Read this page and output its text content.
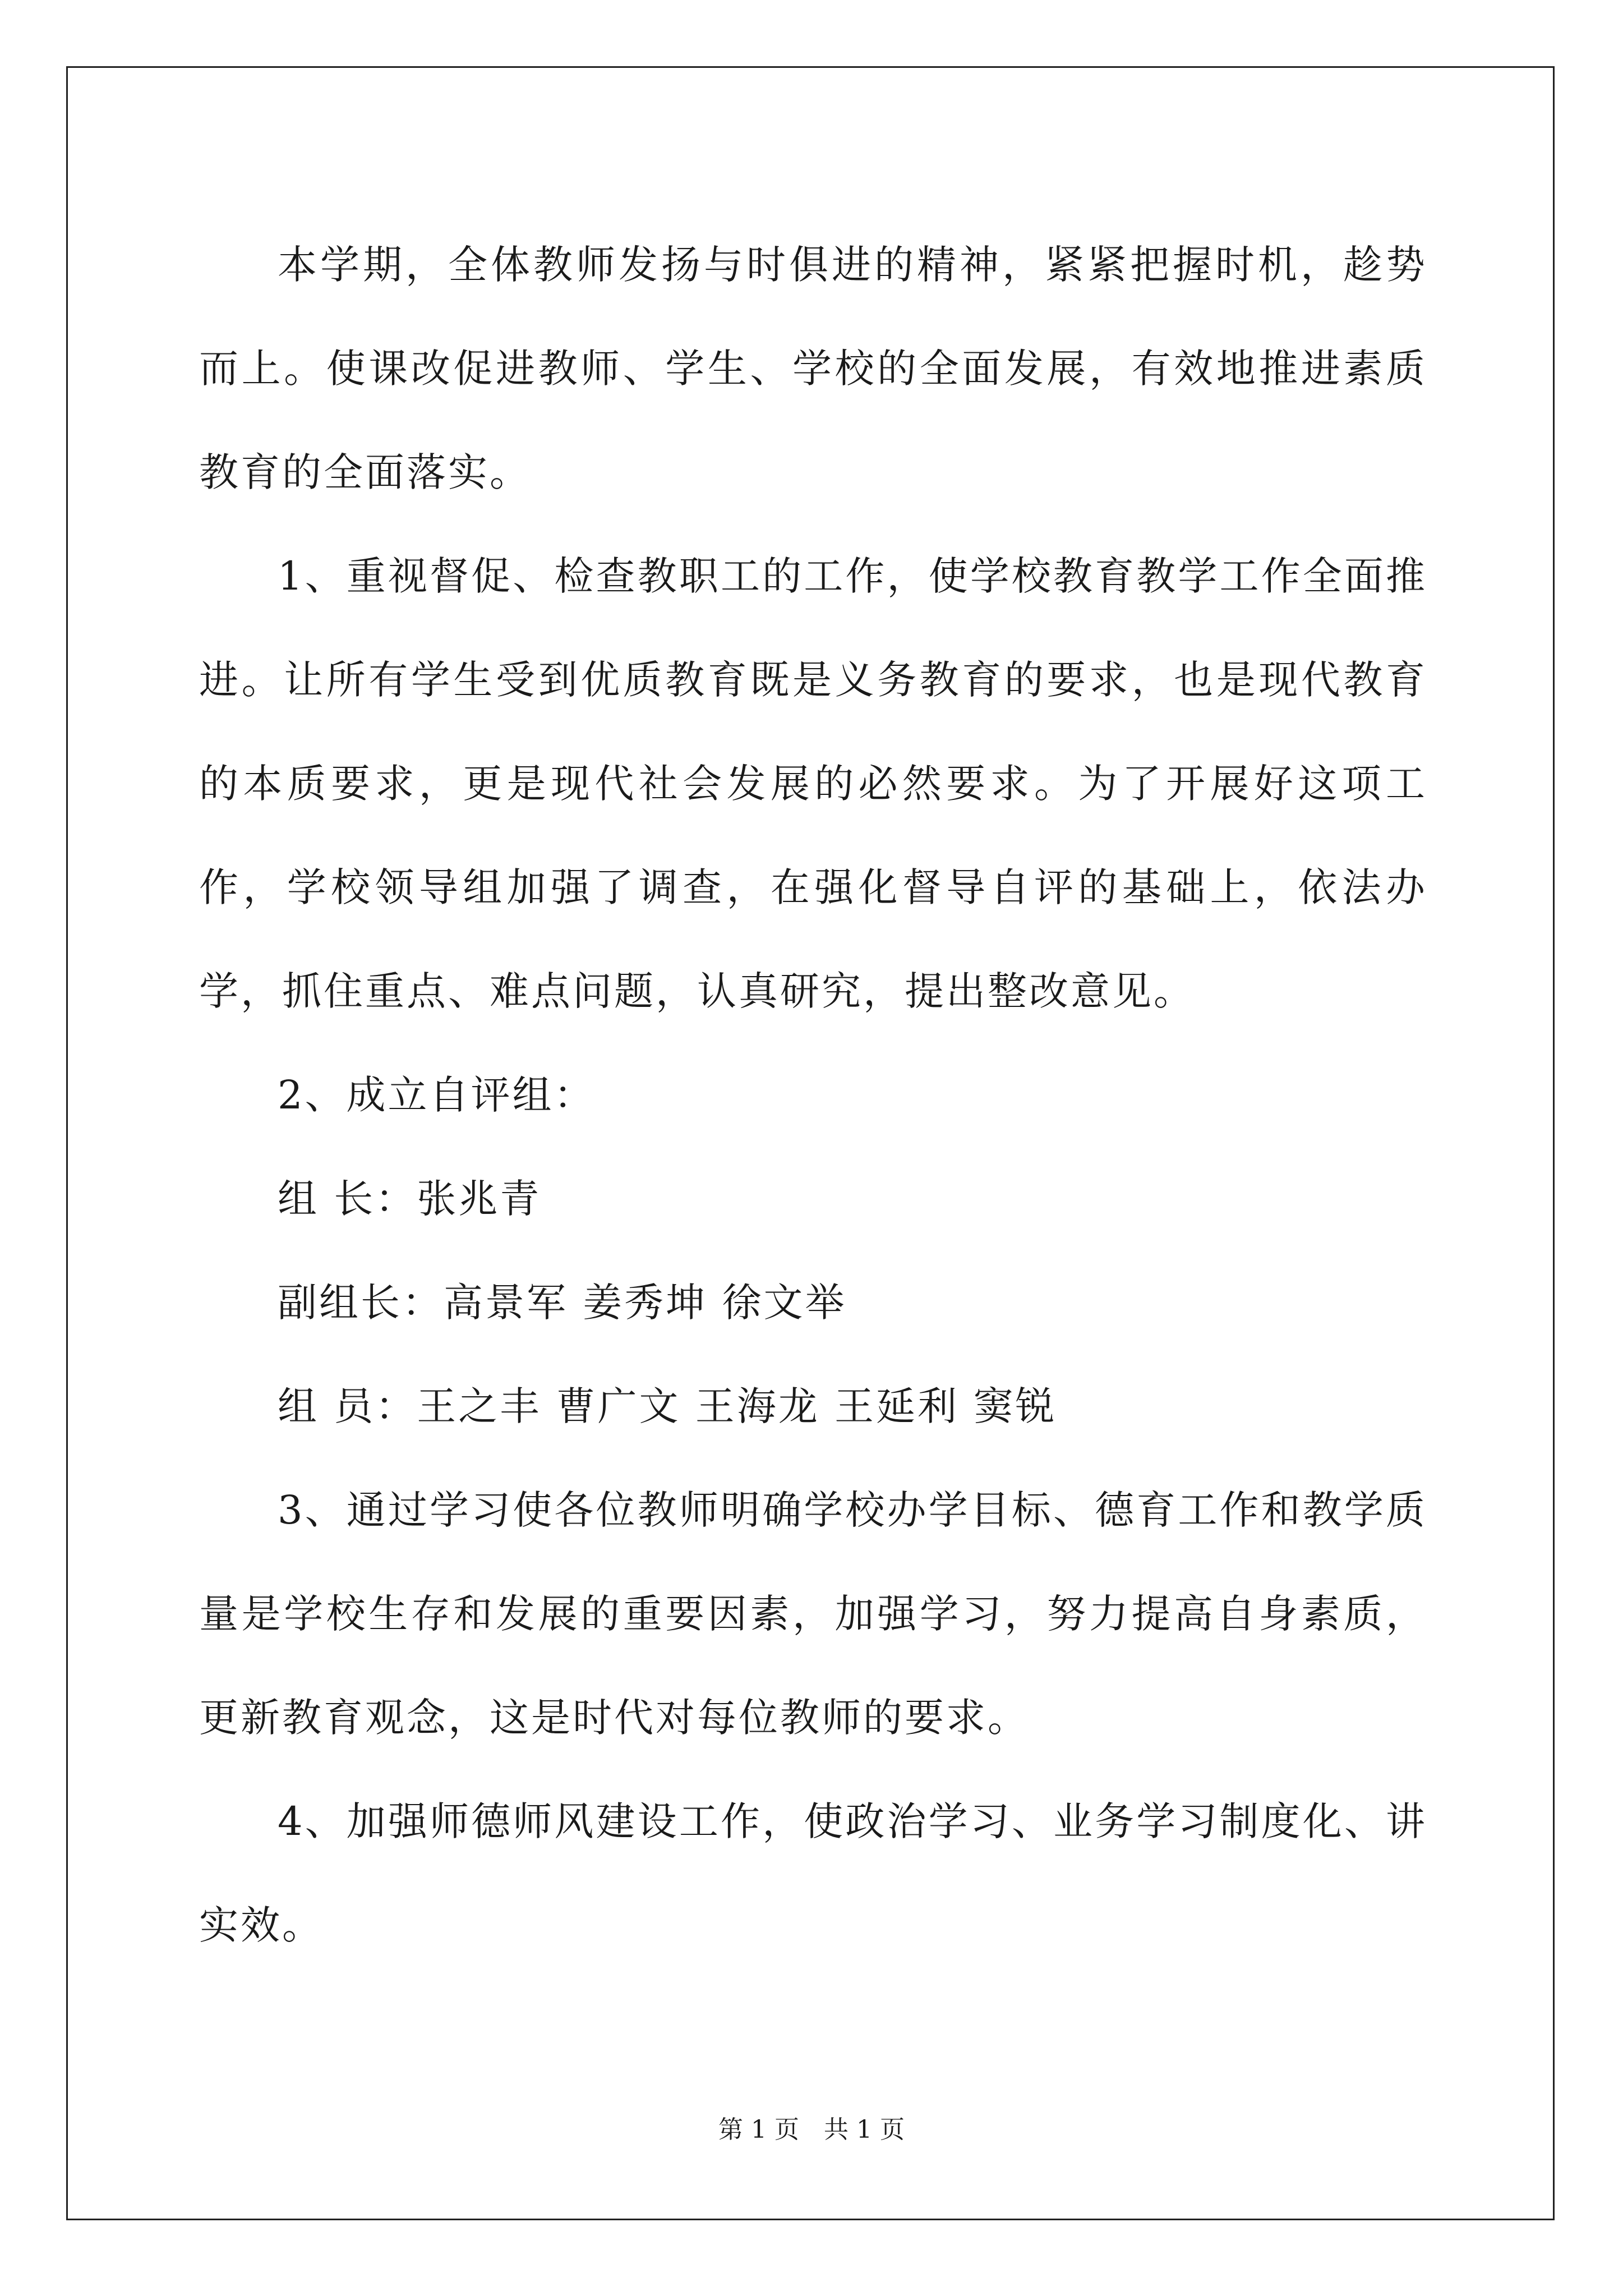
本学期，全体教师发扬与时俱进的精神，紧紧把握时机，趁势而上。使课改促进教师、学生、学校的全面发展，有效地推进素质教育的全面落实。

1、重视督促、检查教职工的工作，使学校教育教学工作全面推进。让所有学生受到优质教育既是义务教育的要求，也是现代教育的本质要求，更是现代社会发展的必然要求。为了开展好这项工作，学校领导组加强了调查，在强化督导自评的基础上，依法办学，抓住重点、难点问题，认真研究，提出整改意见。

2、成立自评组：

组 长：张兆青

副组长：高景军 姜秀坤 徐文举

组 员：王之丰 曹广文 王海龙 王延利 窦锐

3、通过学习使各位教师明确学校办学目标、德育工作和教学质量是学校生存和发展的重要因素，加强学习，努力提高自身素质，更新教育观念，这是时代对每位教师的要求。

4、加强师德师风建设工作，使政治学习、业务学习制度化、讲实效。

第 1 页　共 1 页
